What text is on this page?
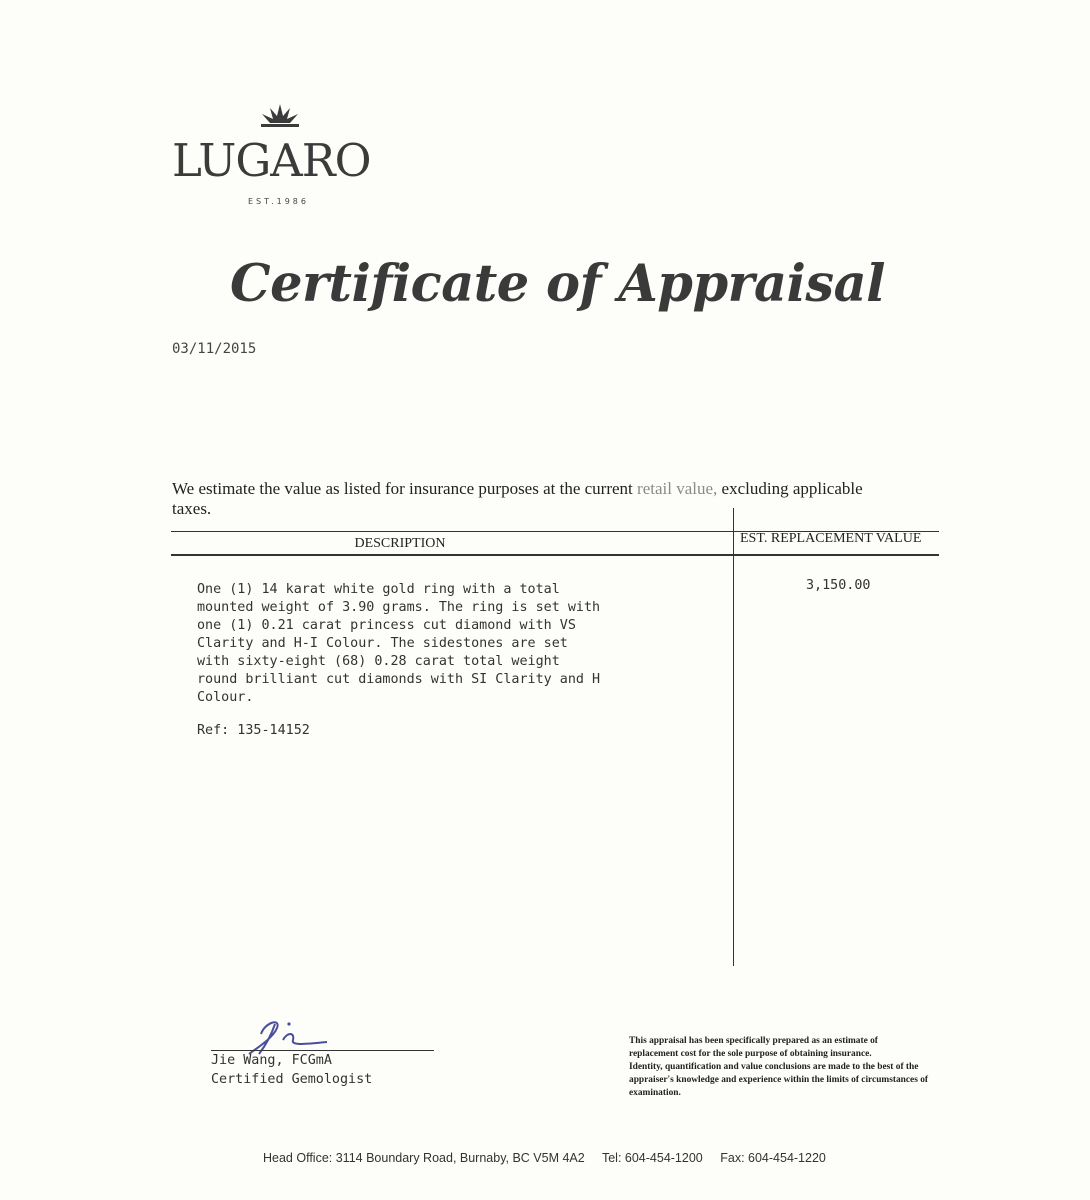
LUGARO
EST.1986
Certificate of Appraisal
03/11/2015
We estimate the value as listed for insurance purposes at the current retail value, excluding applicable taxes.
DESCRIPTION	EST. REPLACEMENT VALUE
One (1) 14 karat white gold ring with a total
mounted weight of 3.90 grams. The ring is set with
one (1) 0.21 carat princess cut diamond with VS
Clarity and H-I Colour. The sidestones are set
with sixty-eight (68) 0.28 carat total weight
round brilliant cut diamonds with SI Clarity and H
Colour.
Ref: 135-14152
3,150.00
Jie Wang, FCGmA
Certified Gemologist

This appraisal has been specifically prepared as an estimate of replacement cost for the sole purpose of obtaining insurance.

Identity, quantification and value conclusions are made to the best of the appraiser's knowledge and experience within the limits of circumstances of examination.

Head Office: 3114 Boundary Road, Burnaby, BC V5M 4A2 Tel: 604-454-1200 Fax: 604-454-1220
